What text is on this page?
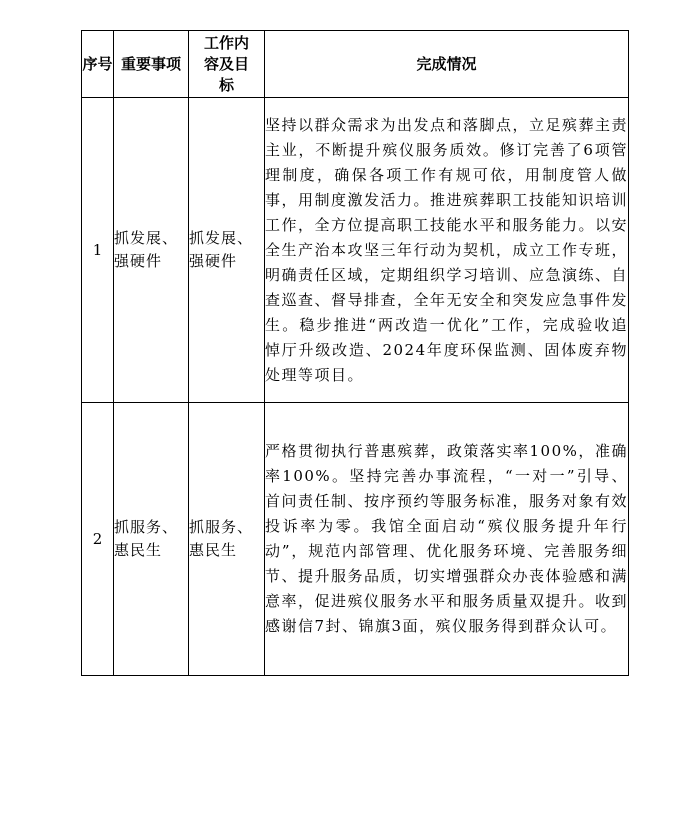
序号	重要事项	工作内容及目标	完成情况
1	抓发展、强硬件	抓发展、强硬件	坚持以群众需求为出发点和落脚点，立足殡葬主责主业，不断提升殡仪服务质效。修订完善了6项管理制度，确保各项工作有规可依，用制度管人做事，用制度激发活力。推进殡葬职工技能知识培训工作，全方位提高职工技能水平和服务能力。以安全生产治本攻坚三年行动为契机，成立工作专班，明确责任区域，定期组织学习培训、应急演练、自查巡查、督导排查，全年无安全和突发应急事件发生。稳步推进“两改造一优化”工作，完成验收追悼厅升级改造、2024年度环保监测、固体废弃物处理等项目。
2	抓服务、惠民生	抓服务、惠民生	严格贯彻执行普惠殡葬，政策落实率100%，准确率100%。坚持完善办事流程，“一对一”引导、首问责任制、按序预约等服务标准，服务对象有效投诉率为零。我馆全面启动“殡仪服务提升年行动”，规范内部管理、优化服务环境、完善服务细节、提升服务品质，切实增强群众办丧体验感和满意率，促进殡仪服务水平和服务质量双提升。收到感谢信7封、锦旗3面，殡仪服务得到群众认可。
